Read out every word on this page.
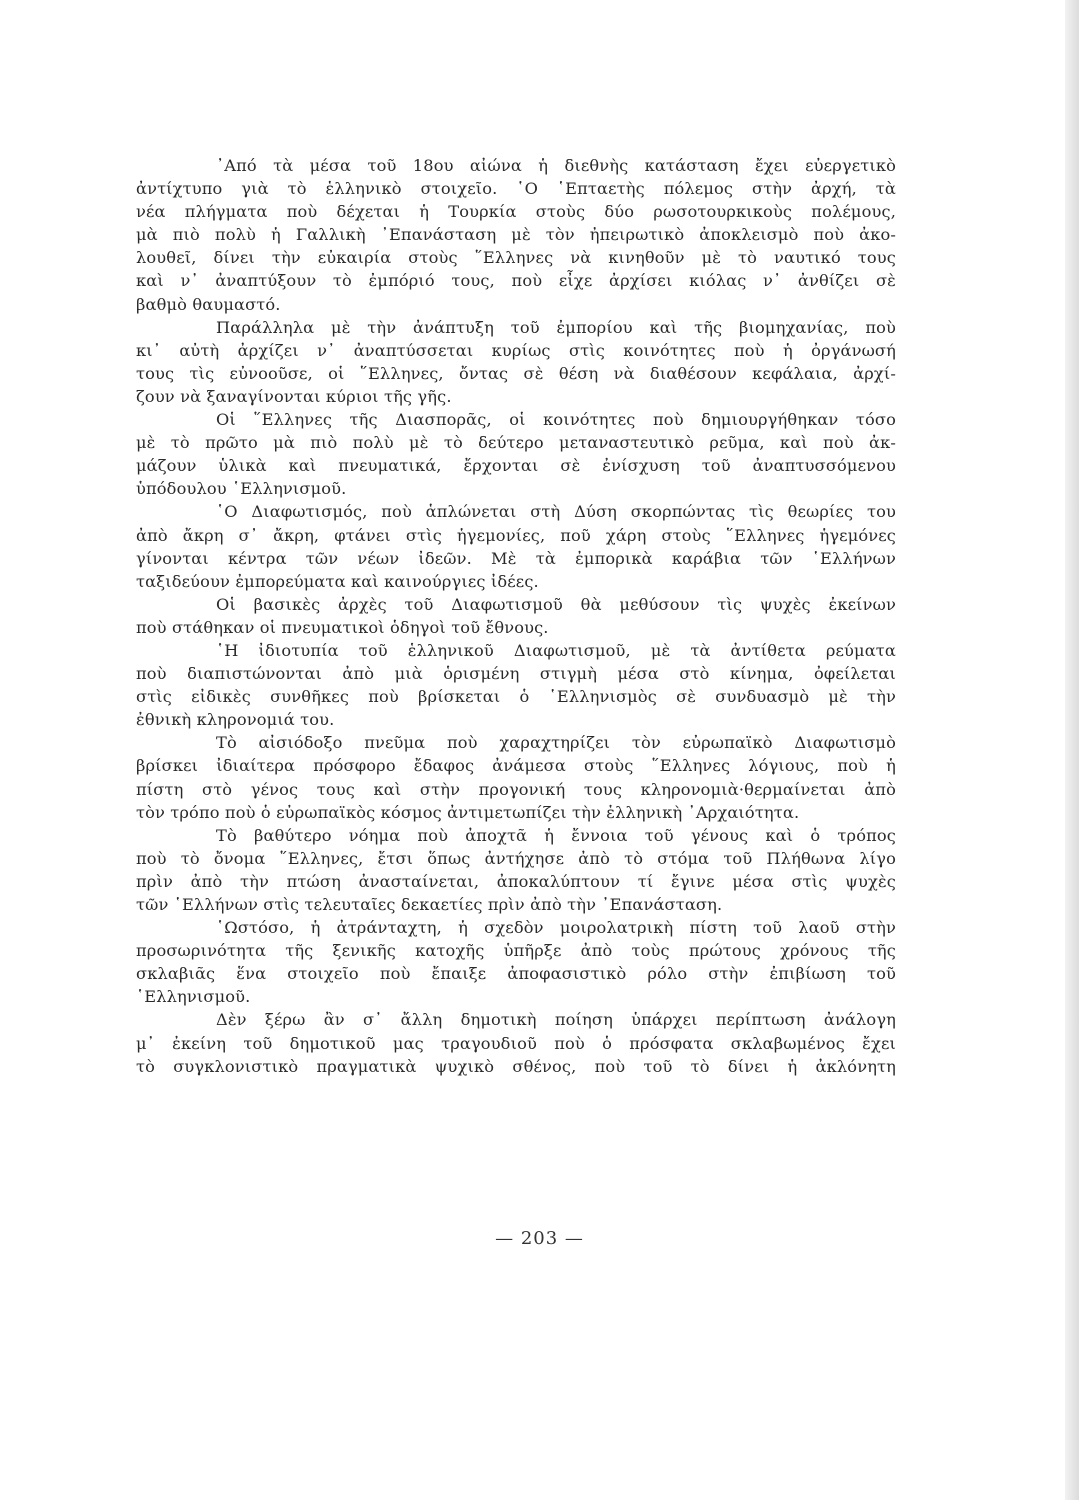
᾿Από τὰ μέσα τοῦ 18ου αἰώνα ἡ διεθνὴς κατάσταση ἔχει εὐεργετικὸ
ἀντίχτυπο γιὰ τὸ ἑλληνικὸ στοιχεῖο. ῾Ο ῾Επταετὴς πόλεμος στὴν ἀρχή, τὰ
νέα πλήγματα ποὺ δέχεται ἡ Τουρκία στοὺς δύο ρωσοτουρκικοὺς πολέμους,
μὰ πιὸ πολὺ ἡ Γαλλικὴ ᾿Επανάσταση μὲ τὸν ἠπειρωτικὸ ἀποκλεισμὸ ποὺ ἀκο-
λουθεῖ, δίνει τὴν εὐκαιρία στοὺς ῞Ελληνες νὰ κινηθοῦν μὲ τὸ ναυτικό τους
καὶ ν᾿ ἀναπτύξουν τὸ ἐμπόριό τους, ποὺ εἶχε ἀρχίσει κιόλας ν᾿ ἀνθίζει σὲ
βαθμὸ θαυμαστό.
Παράλληλα μὲ τὴν ἀνάπτυξη τοῦ ἐμπορίου καὶ τῆς βιομηχανίας, ποὺ
κι᾿ αὐτὴ ἀρχίζει ν᾿ ἀναπτύσσεται κυρίως στὶς κοινότητες ποὺ ἡ ὀργάνωσή
τους τὶς εὐνοοῦσε, οἱ ῞Ελληνες, ὄντας σὲ θέση νὰ διαθέσουν κεφάλαια, ἀρχί-
ζουν νὰ ξαναγίνονται κύριοι τῆς γῆς.
Οἱ ῞Ελληνες τῆς Διασπορᾶς, οἱ κοινότητες ποὺ δημιουργήθηκαν τόσο
μὲ τὸ πρῶτο μὰ πιὸ πολὺ μὲ τὸ δεύτερο μεταναστευτικὸ ρεῦμα, καὶ ποὺ ἀκ-
μάζουν ὑλικὰ καὶ πνευματικά, ἔρχονται σὲ ἐνίσχυση τοῦ ἀναπτυσσόμενου
ὑπόδουλου ῾Ελληνισμοῦ.
῾Ο Διαφωτισμός, ποὺ ἁπλώνεται στὴ Δύση σκορπώντας τὶς θεωρίες του
ἀπὸ ἄκρη σ᾿ ἄκρη, φτάνει στὶς ἡγεμονίες, ποῦ χάρη στοὺς ῞Ελληνες ἡγεμόνες
γίνονται κέντρα τῶν νέων ἰδεῶν. Μὲ τὰ ἐμπορικὰ καράβια τῶν ῾Ελλήνων
ταξιδεύουν ἐμπορεύματα καὶ καινούργιες ἰδέες.
Οἱ βασικὲς ἀρχὲς τοῦ Διαφωτισμοῦ θὰ μεθύσουν τὶς ψυχὲς ἐκείνων
ποὺ στάθηκαν οἱ πνευματικοὶ ὁδηγοὶ τοῦ ἔθνους.
῾Η ἰδιοτυπία τοῦ ἑλληνικοῦ Διαφωτισμοῦ, μὲ τὰ ἀντίθετα ρεύματα
ποὺ διαπιστώνονται ἀπὸ μιὰ ὁρισμένη στιγμὴ μέσα στὸ κίνημα, ὀφείλεται
στὶς εἰδικὲς συνθῆκες ποὺ βρίσκεται ὁ ῾Ελληνισμὸς σὲ συνδυασμὸ μὲ τὴν
ἐθνικὴ κληρονομιά του.
Τὸ αἰσιόδοξο πνεῦμα ποὺ χαραχτηρίζει τὸν εὐρωπαϊκὸ Διαφωτισμὸ
βρίσκει ἰδιαίτερα πρόσφορο ἔδαφος ἀνάμεσα στοὺς ῞Ελληνες λόγιους, ποὺ ἡ
πίστη στὸ γένος τους καὶ στὴν προγονική τους κληρονομιὰ·θερμαίνεται ἀπὸ
τὸν τρόπο ποὺ ὁ εὐρωπαϊκὸς κόσμος ἀντιμετωπίζει τὴν ἑλληνικὴ ᾿Αρχαιότητα.
Τὸ βαθύτερο νόημα ποὺ ἀποχτᾶ ἡ ἔννοια τοῦ γένους καὶ ὁ τρόπος
ποὺ τὸ ὄνομα ῞Ελληνες, ἔτσι ὅπως ἀντήχησε ἀπὸ τὸ στόμα τοῦ Πλήθωνα λίγο
πρὶν ἀπὸ τὴν πτώση ἀνασταίνεται, ἀποκαλύπτουν τί ἔγινε μέσα στὶς ψυχὲς
τῶν ῾Ελλήνων στὶς τελευταῖες δεκαετίες πρὶν ἀπὸ τὴν ᾿Επανάσταση.
῾Ωστόσο, ἡ ἀτράνταχτη, ἡ σχεδὸν μοιρολατρικὴ πίστη τοῦ λαοῦ στὴν
προσωρινότητα τῆς ξενικῆς κατοχῆς ὑπῆρξε ἀπὸ τοὺς πρώτους χρόνους τῆς
σκλαβιᾶς ἕνα στοιχεῖο ποὺ ἔπαιξε ἀποφασιστικὸ ρόλο στὴν ἐπιβίωση τοῦ
῾Ελληνισμοῦ.
Δὲν ξέρω ἂν σ᾿ ἄλλη δημοτικὴ ποίηση ὑπάρχει περίπτωση ἀνάλογη
μ᾿ ἐκείνη τοῦ δημοτικοῦ μας τραγουδιοῦ ποὺ ὁ πρόσφατα σκλαβωμένος ἔχει
τὸ συγκλονιστικὸ πραγματικὰ ψυχικὸ σθένος, ποὺ τοῦ τὸ δίνει ἡ ἀκλόνητη
— 203 —
